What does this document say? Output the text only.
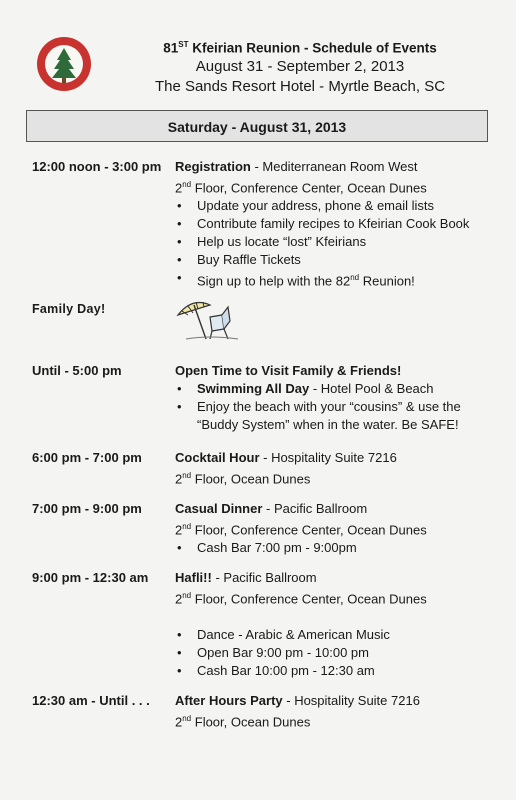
81ST Kfeirian Reunion - Schedule of Events
August 31 - September 2, 2013
The Sands Resort Hotel - Myrtle Beach, SC
Saturday - August 31, 2013
12:00 noon - 3:00 pm Registration - Mediterranean Room West
2nd Floor, Conference Center, Ocean Dunes
• Update your address, phone & email lists
• Contribute family recipes to Kfeirian Cook Book
• Help us locate “lost” Kfeirians
• Buy Raffle Tickets
• Sign up to help with the 82nd Reunion!
Family Day!
Until - 5:00 pm	Open Time to Visit Family & Friends!
• Swimming All Day - Hotel Pool & Beach
• Enjoy the beach with your “cousins” & use the “Buddy System” when in the water. Be SAFE!
6:00 pm - 7:00 pm	Cocktail Hour - Hospitality Suite 7216
2nd Floor, Ocean Dunes
7:00 pm - 9:00 pm	Casual Dinner - Pacific Ballroom
2nd Floor, Conference Center, Ocean Dunes
• Cash Bar 7:00 pm - 9:00pm
9:00 pm - 12:30 am Hafli!! - Pacific Ballroom
2nd Floor, Conference Center, Ocean Dunes
• Dance - Arabic & American Music
• Open Bar 9:00 pm - 10:00 pm
• Cash Bar 10:00 pm - 12:30 am
12:30 am - Until . . . After Hours Party - Hospitality Suite 7216
2nd Floor, Ocean Dunes
